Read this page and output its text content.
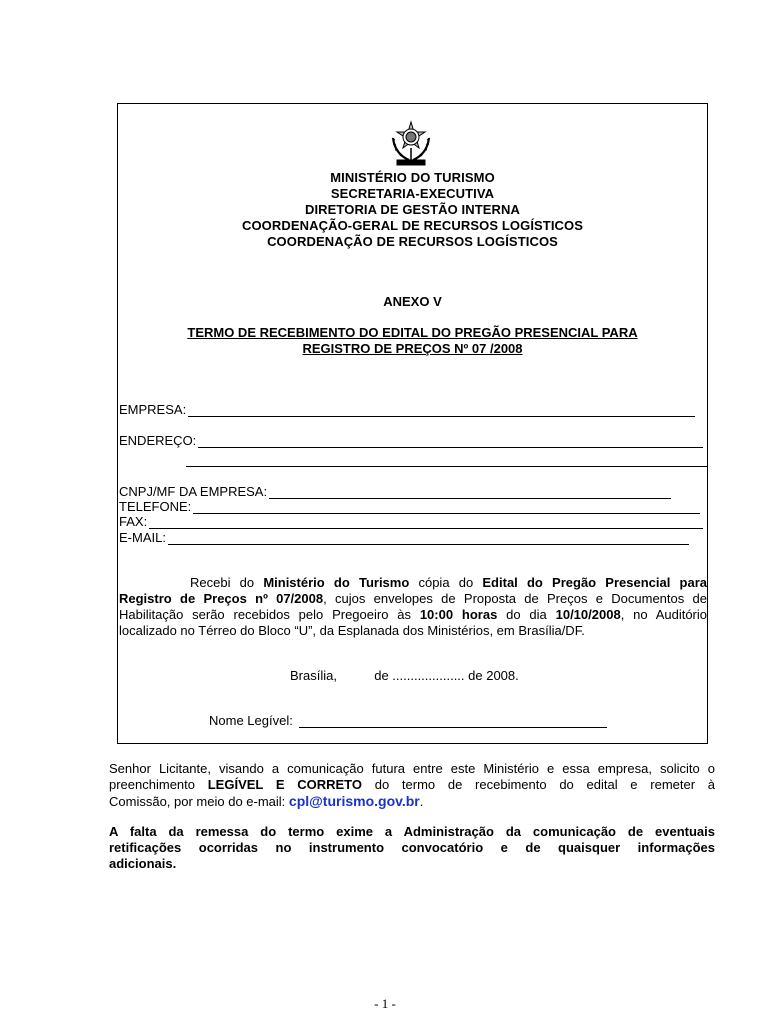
MINISTÉRIO DO TURISMO
SECRETARIA-EXECUTIVA
DIRETORIA DE GESTÃO INTERNA
COORDENAÇÃO-GERAL DE RECURSOS LOGÍSTICOS
COORDENAÇÃO DE RECURSOS LOGÍSTICOS
ANEXO V
TERMO DE RECEBIMENTO DO EDITAL DO PREGÃO PRESENCIAL PARA
REGISTRO DE PREÇOS Nº 07 /2008
EMPRESA:
ENDEREÇO:
CNPJ/MF DA EMPRESA:
TELEFONE:
FAX:
E-MAIL:
Recebi do Ministério do Turismo cópia do Edital do Pregão Presencial para
Registro de Preços nº 07/2008, cujos envelopes de Proposta de Preços e Documentos de
Habilitação serão recebidos pelo Pregoeiro às 10:00 horas do dia 10/10/2008, no Auditório
localizado no Térreo do Bloco “U”, da Esplanada dos Ministérios, em Brasília/DF.
Brasília,	de .................... de 2008.
Nome Legível:
Senhor Licitante, visando a comunicação futura entre este Ministério e essa empresa, solicito o
preenchimento LEGÍVEL E CORRETO do termo de recebimento do edital e remeter à
Comissão, por meio do e-mail: cpl@turismo.gov.br.
A falta da remessa do termo exime a Administração da comunicação de eventuais
retificações ocorridas no instrumento convocatório e de quaisquer informações
adicionais.
- 1 -
